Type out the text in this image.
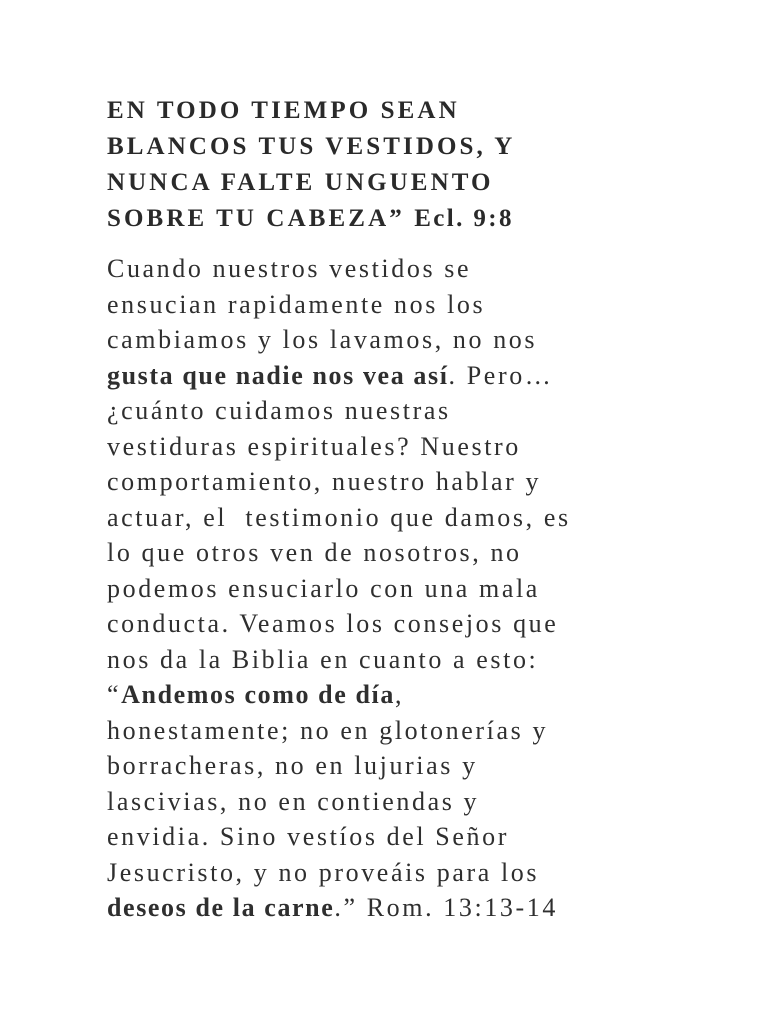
EN TODO TIEMPO SEAN
BLANCOS TUS VESTIDOS, Y
NUNCA FALTE UNGUENTO
SOBRE TU CABEZA” Ecl. 9:8

Cuando nuestros vestidos se
ensucian rapidamente nos los
cambiamos y los lavamos, no nos
gusta que nadie nos vea así. Pero…
¿cuánto cuidamos nuestras
vestiduras espirituales? Nuestro
comportamiento, nuestro hablar y
actuar, el  testimonio que damos, es
lo que otros ven de nosotros, no
podemos ensuciarlo con una mala
conducta. Veamos los consejos que
nos da la Biblia en cuanto a esto:
“Andemos como de día,
honestamente; no en glotonerías y
borracheras, no en lujurias y
lascivias, no en contiendas y
envidia. Sino vestíos del Señor
Jesucristo, y no proveáis para los
deseos de la carne.” Rom. 13:13-14
